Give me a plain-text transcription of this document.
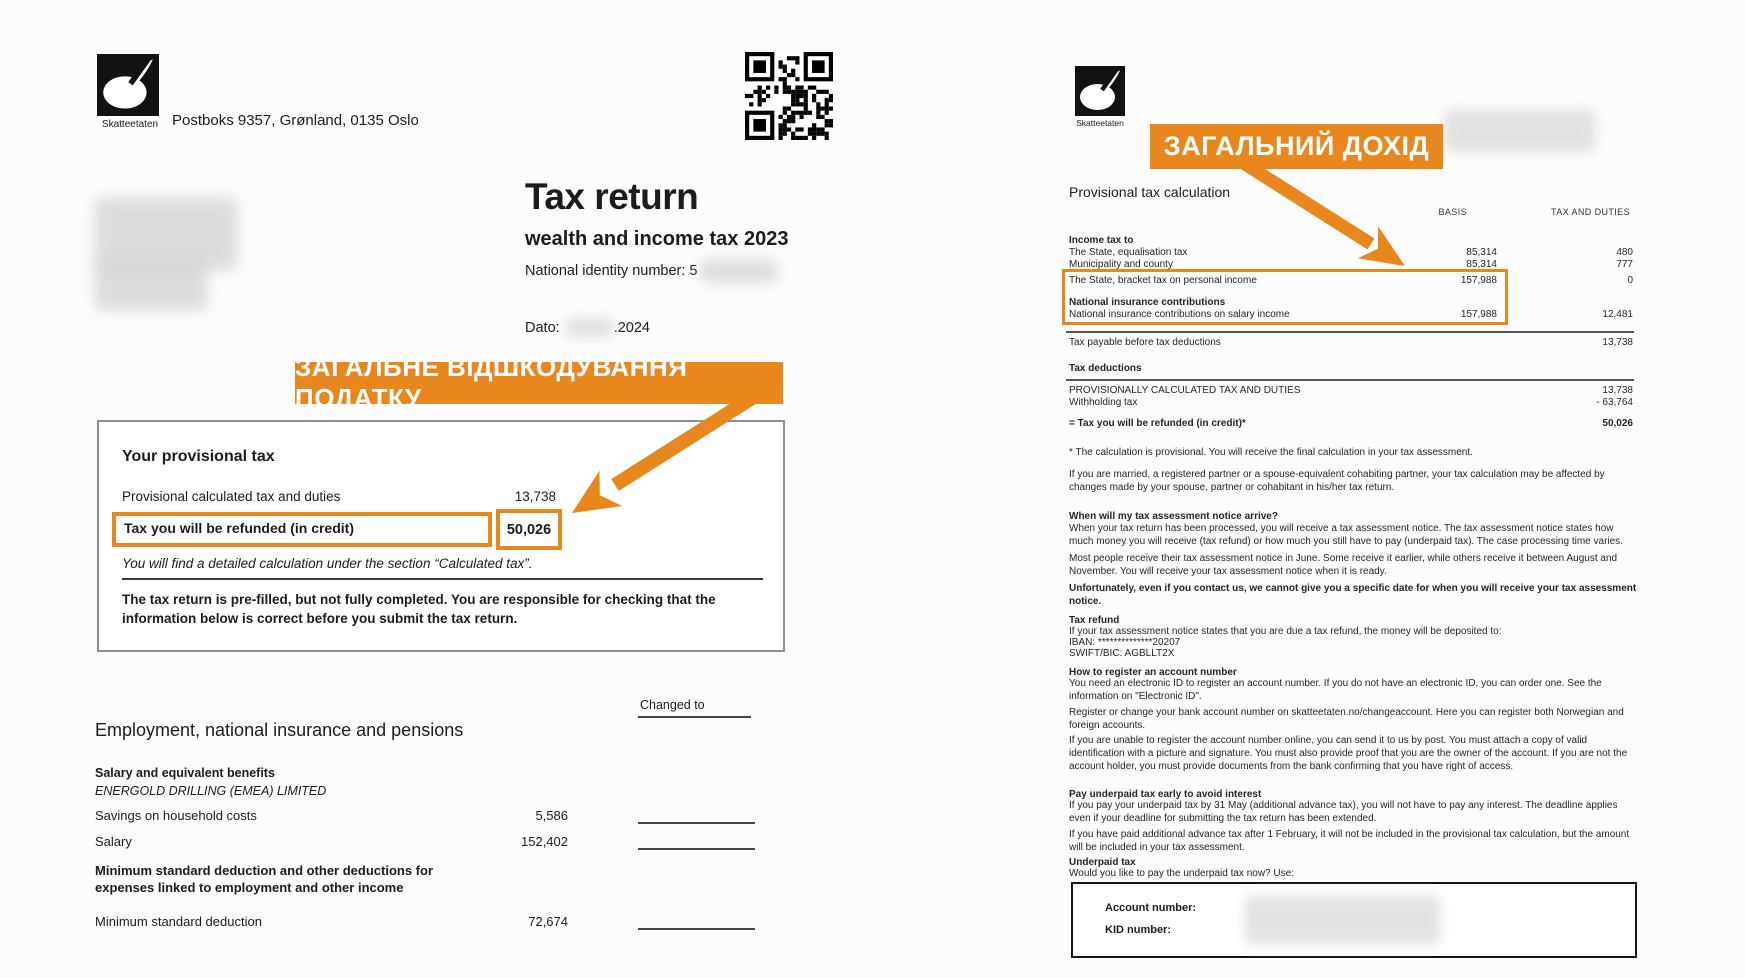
Skatteetaten Postboks 9357, Grønland, 0135 Oslo
Tax return
wealth and income tax 2023
National identity number: 5
Dato:	.2024
ЗАГАЛЬНЕ ВІДШКОДУВАННЯ ПОДАТКУ
Your provisional tax
Provisional calculated tax and duties	13,738
Tax you will be refunded (in credit)	50,026
You will find a detailed calculation under the section “Calculated tax”.
The tax return is pre-filled, but not fully completed. You are responsible for checking that the information below is correct before you submit the tax return.
Changed to
Employment, national insurance and pensions
Salary and equivalent benefits
ENERGOLD DRILLING (EMEA) LIMITED
Savings on household costs	5,586
Salary	152,402
Minimum standard deduction and other deductions for expenses linked to employment and other income
Minimum standard deduction	72,674
Skatteetaten
ЗАГАЛЬНИЙ ДОХІД
Provisional tax calculation
BASIS	TAX AND DUTIES
Income tax to
The State, equalisation tax	85,314	480
Municipality and county	85,314	777
The State, bracket tax on personal income	157,988	0
National insurance contributions
National insurance contributions on salary income	157,988	12,481
Tax payable before tax deductions	13,738
Tax deductions
PROVISIONALLY CALCULATED TAX AND DUTIES	13,738
Withholding tax	- 63,764
= Tax you will be refunded (in credit)*	50,026
* The calculation is provisional. You will receive the final calculation in your tax assessment.
If you are married, a registered partner or a spouse-equivalent cohabiting partner, your tax calculation may be affected by changes made by your spouse, partner or cohabitant in his/her tax return.
When will my tax assessment notice arrive?
When your tax return has been processed, you will receive a tax assessment notice. The tax assessment notice states how much money you will receive (tax refund) or how much you still have to pay (underpaid tax). The case processing time varies.
Most people receive their tax assessment notice in June. Some receive it earlier, while others receive it between August and November. You will receive your tax assessment notice when it is ready.
Unfortunately, even if you contact us, we cannot give you a specific date for when you will receive your tax assessment notice.
Tax refund
If your tax assessment notice states that you are due a tax refund, the money will be deposited to:
IBAN: **************20207
SWIFT/BIC: AGBLLT2X
How to register an account number
You need an electronic ID to register an account number. If you do not have an electronic ID, you can order one. See the information on "Electronic ID".
Register or change your bank account number on skatteetaten.no/changeaccount. Here you can register both Norwegian and foreign accounts.
If you are unable to register the account number online, you can send it to us by post. You must attach a copy of valid identification with a picture and signature. You must also provide proof that you are the owner of the account. If you are not the account holder, you must provide documents from the bank confirming that you have right of access.
Pay underpaid tax early to avoid interest
If you pay your underpaid tax by 31 May (additional advance tax), you will not have to pay any interest. The deadline applies even if your deadline for submitting the tax return has been extended.
If you have paid additional advance tax after 1 February, it will not be included in the provisional tax calculation, but the amount will be included in your tax assessment.
Underpaid tax
Would you like to pay the underpaid tax now? Use:
Account number:
KID number:
